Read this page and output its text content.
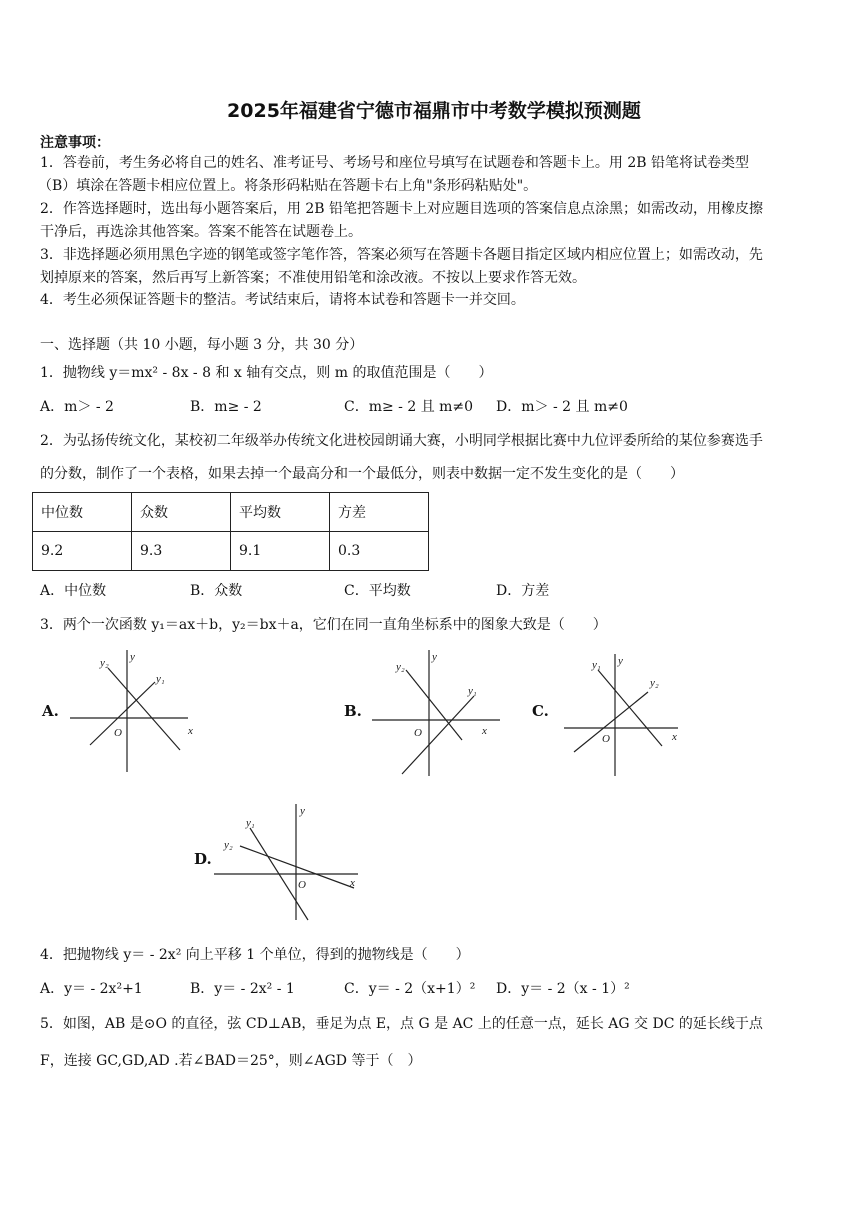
2025年福建省宁德市福鼎市中考数学模拟预测题
注意事项：
1．答卷前，考生务必将自己的姓名、准考证号、考场号和座位号填写在试题卷和答题卡上。用 2B 铅笔将试卷类型
（B）填涂在答题卡相应位置上。将条形码粘贴在答题卡右上角"条形码粘贴处"。
2．作答选择题时，选出每小题答案后，用 2B 铅笔把答题卡上对应题目选项的答案信息点涂黑；如需改动，用橡皮擦
干净后，再选涂其他答案。答案不能答在试题卷上。
3．非选择题必须用黑色字迹的钢笔或签字笔作答，答案必须写在答题卡各题目指定区域内相应位置上；如需改动，先
划掉原来的答案，然后再写上新答案；不准使用铅笔和涂改液。不按以上要求作答无效。
4．考生必须保证答题卡的整洁。考试结束后，请将本试卷和答题卡一并交回。
一、选择题（共 10 小题，每小题 3 分，共 30 分）
1．抛物线 y＝mx² - 8x - 8 和 x 轴有交点，则 m 的取值范围是（　　）
A．m＞ - 2	B．m≥ - 2	C．m≥ - 2 且 m≠0 D．m＞ - 2 且 m≠0
2．为弘扬传统文化，某校初二年级举办传统文化进校园朗诵大赛，小明同学根据比赛中九位评委所给的某位参赛选手
的分数，制作了一个表格，如果去掉一个最高分和一个最低分，则表中数据一定不发生变化的是（　　）
中位数	众数	平均数	方差
9.2	9.3	9.1	0.3
A．中位数	B．众数	C．平均数	D．方差
3．两个一次函数 y₁＝ax＋b，y₂＝bx＋a，它们在同一直角坐标系中的图象大致是（　　）
A.
x
y
O
y₁
y₂
B.
x
y
O
y₁
y₂
C.
x
y
O
y₁
y₂
D.
x
y
O
y₁
y₂
4．把抛物线 y＝ - 2x² 向上平移 1 个单位，得到的抛物线是（　　）
A．y＝ - 2x²+1	B．y＝ - 2x² - 1	C．y＝ - 2（x+1）² D．y＝ - 2（x - 1）²
5．如图，AB 是⊙O 的直径，弦 CD⊥AB，垂足为点 E，点 G 是 AC 上的任意一点，延长 AG 交 DC 的延长线于点
F，连接 GC,GD,AD .若∠BAD＝25°，则∠AGD 等于（　）
